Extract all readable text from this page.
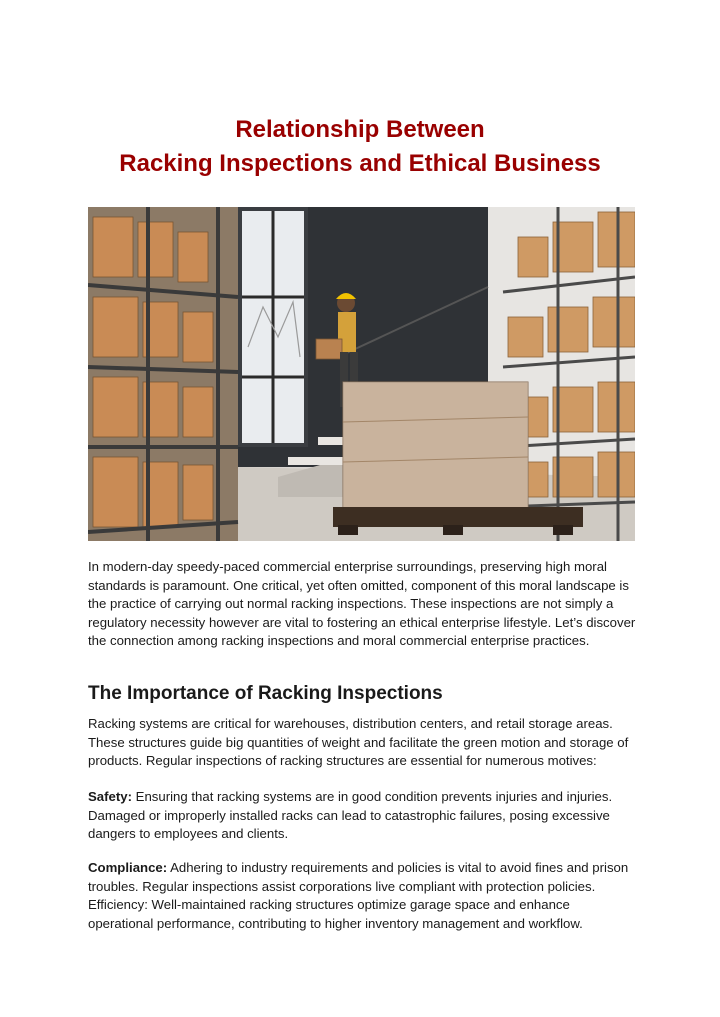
Relationship Between
Racking Inspections and Ethical Business

In modern-day speedy-paced commercial enterprise surroundings, preserving high moral standards is paramount. One critical, yet often omitted, component of this moral landscape is the practice of carrying out normal racking inspections. These inspections are not simply a regulatory necessity however are vital to fostering an ethical enterprise lifestyle. Let’s discover the connection among racking inspections and moral commercial enterprise practices.

The Importance of Racking Inspections

Racking systems are critical for warehouses, distribution centers, and retail storage areas. These structures guide big quantities of weight and facilitate the green motion and storage of products. Regular inspections of racking structures are essential for numerous motives:

Safety: Ensuring that racking systems are in good condition prevents injuries and injuries. Damaged or improperly installed racks can lead to catastrophic failures, posing excessive dangers to employees and clients.

Compliance: Adhering to industry requirements and policies is vital to avoid fines and prison troubles. Regular inspections assist corporations live compliant with protection policies. Efficiency: Well-maintained racking structures optimize garage space and enhance operational performance, contributing to higher inventory management and workflow.
